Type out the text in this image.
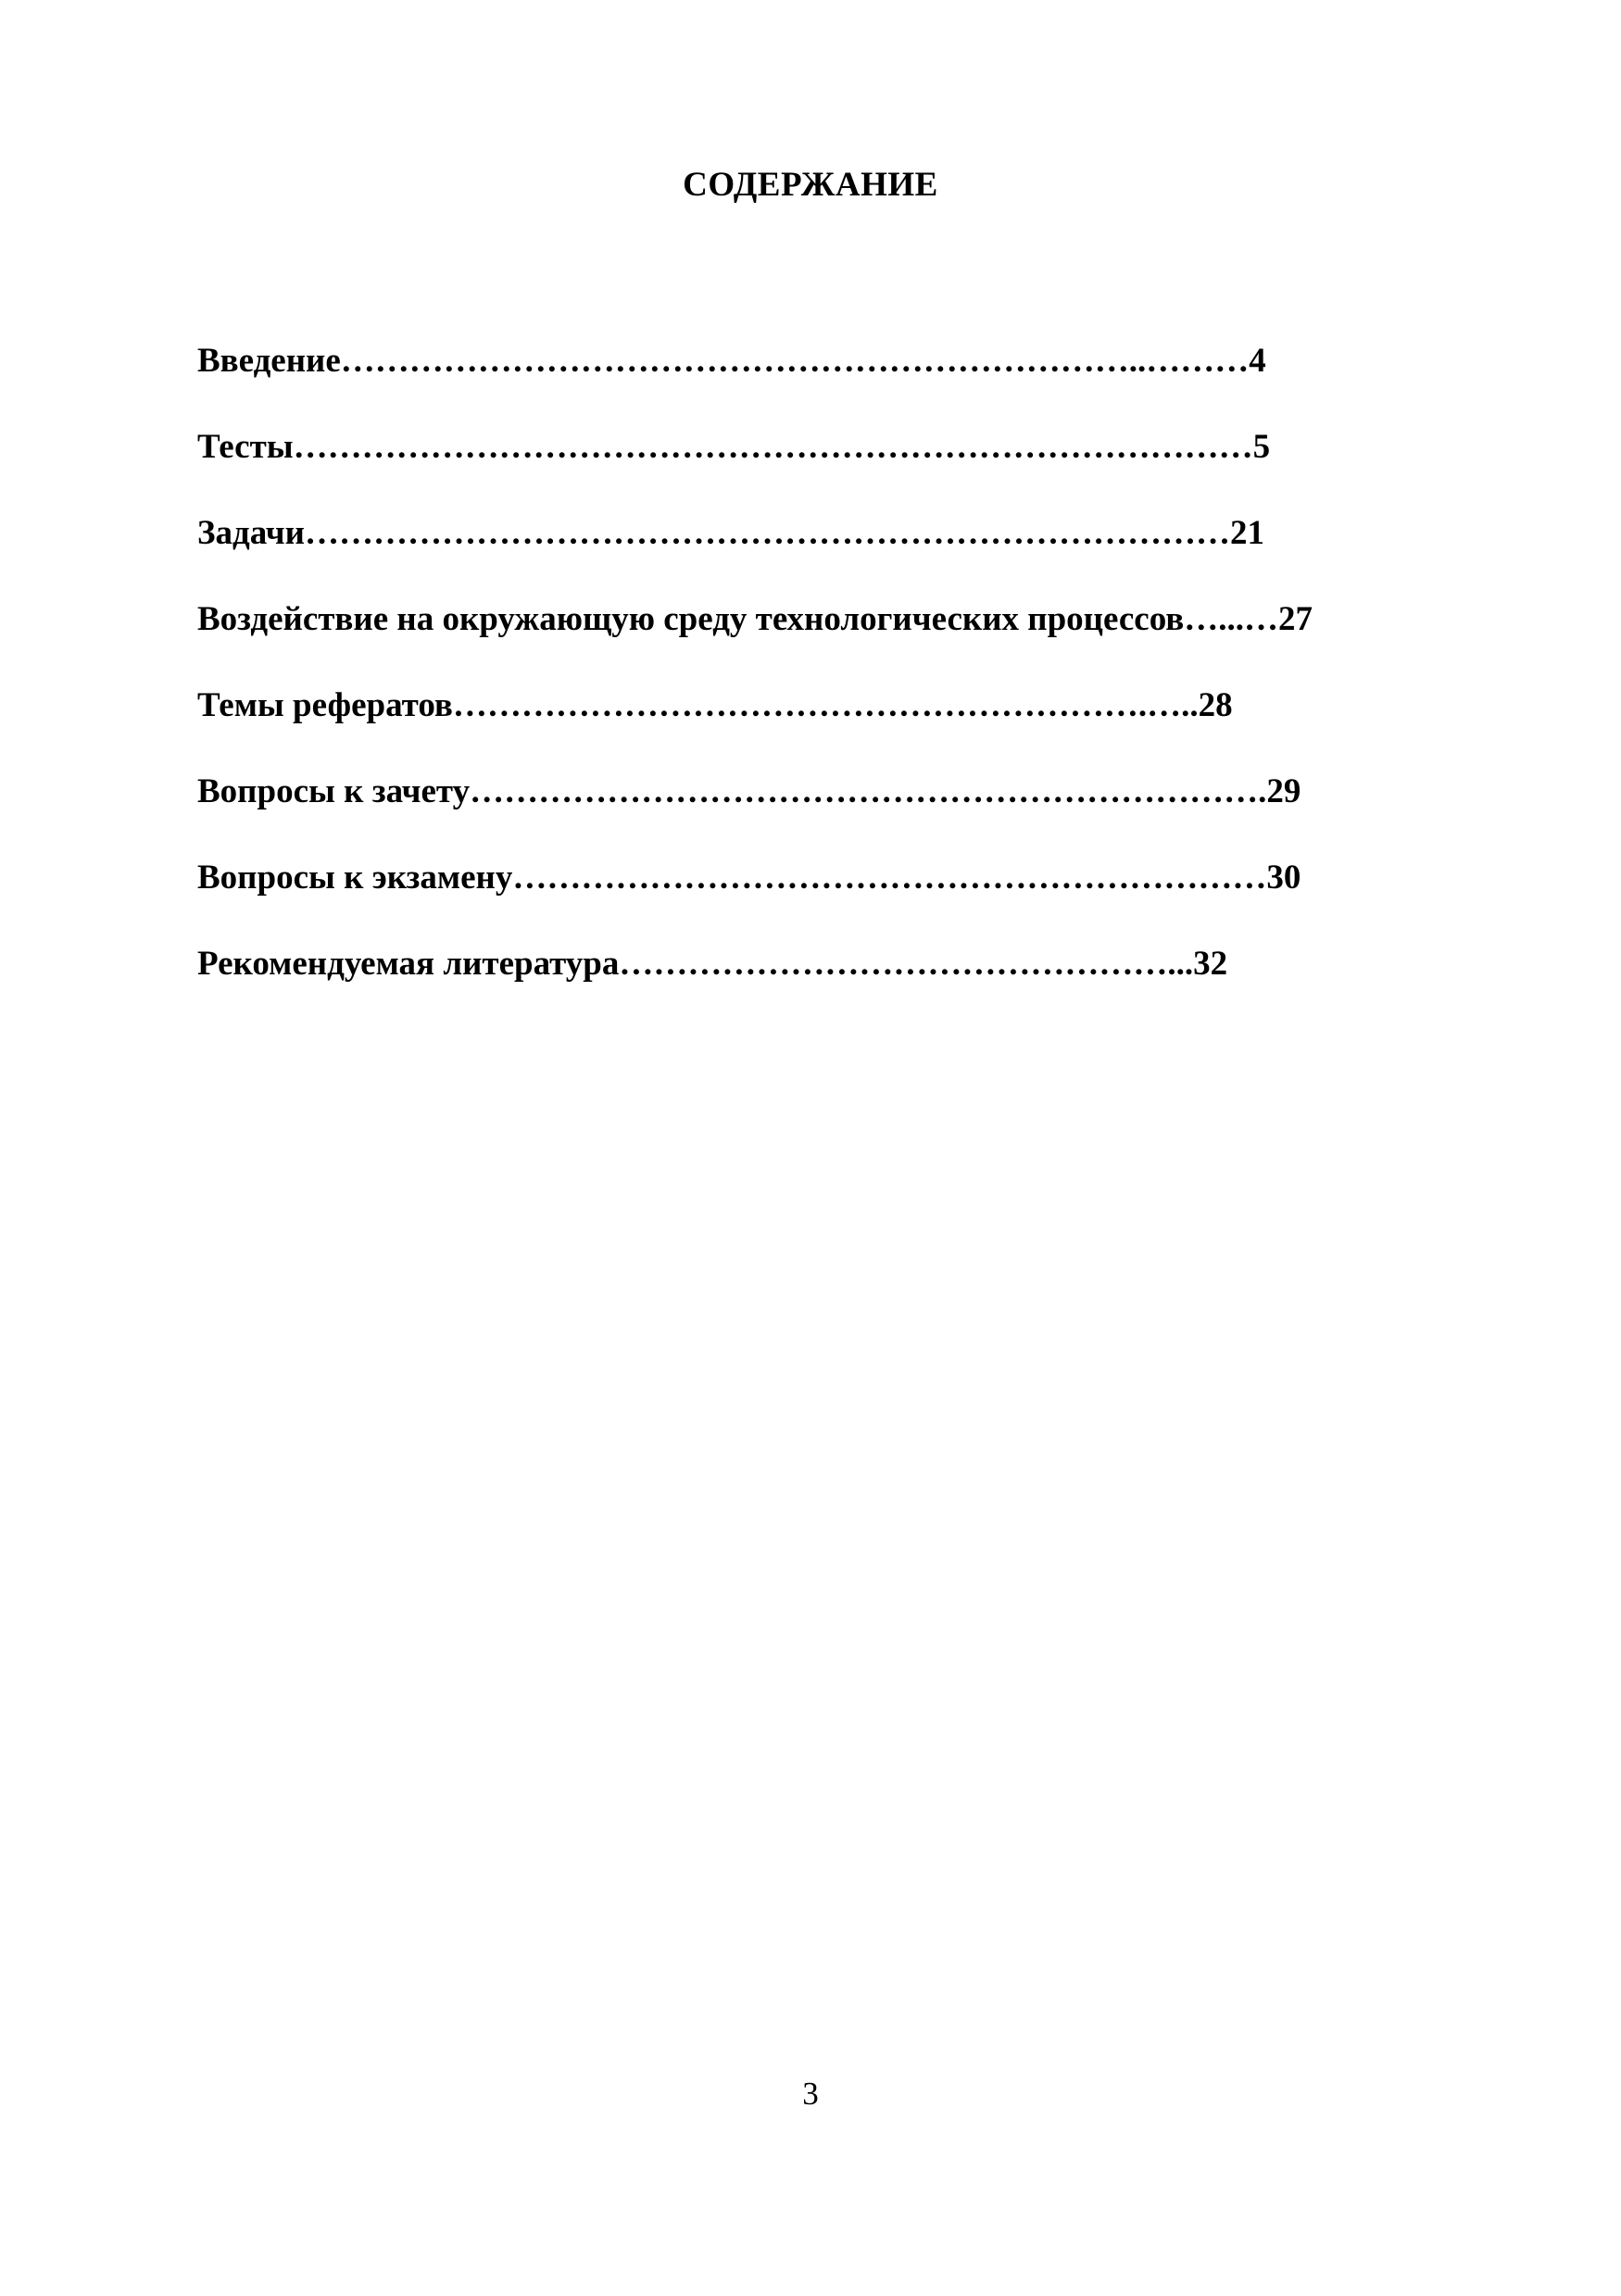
СОДЕРЖАНИЕ
Введение……………………………………………………………..………4
Тесты…………………………………………………………………………5
Задачи………………………………………………………………………21
Воздействие на окружающую среду технологических процессов…...…27
Темы рефератов…………………………………………………….…..28
Вопросы к зачету…………………………………………………………….29
Вопросы к экзамену…………………………………………………………30
Рекомендуемая литература…………………………………………...32
3
